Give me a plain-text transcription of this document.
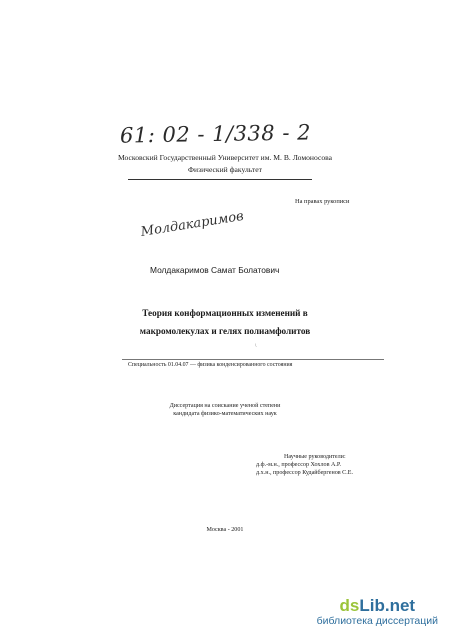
61: 02 - 1/338 - 2
Московский Государственный Университет им. М. В. Ломоносова
Физический факультет
На правах рукописи
Молдакаримов
Молдакаримов Самат Болатович
Теория конформационных изменений в
макромолекулах и гелях полиамфолитов
\
Специальность 01.04.07 — физика конденсированного состояния
Диссертация на соискание ученой степени
кандидата физико-математических наук
Научные руководители:
д.ф.-м.н., профессор Хохлов А.Р.
д.х.н., профессор Кудайбергенов С.Е.
Москва - 2001
dsLib.net
библиотека диссертаций
